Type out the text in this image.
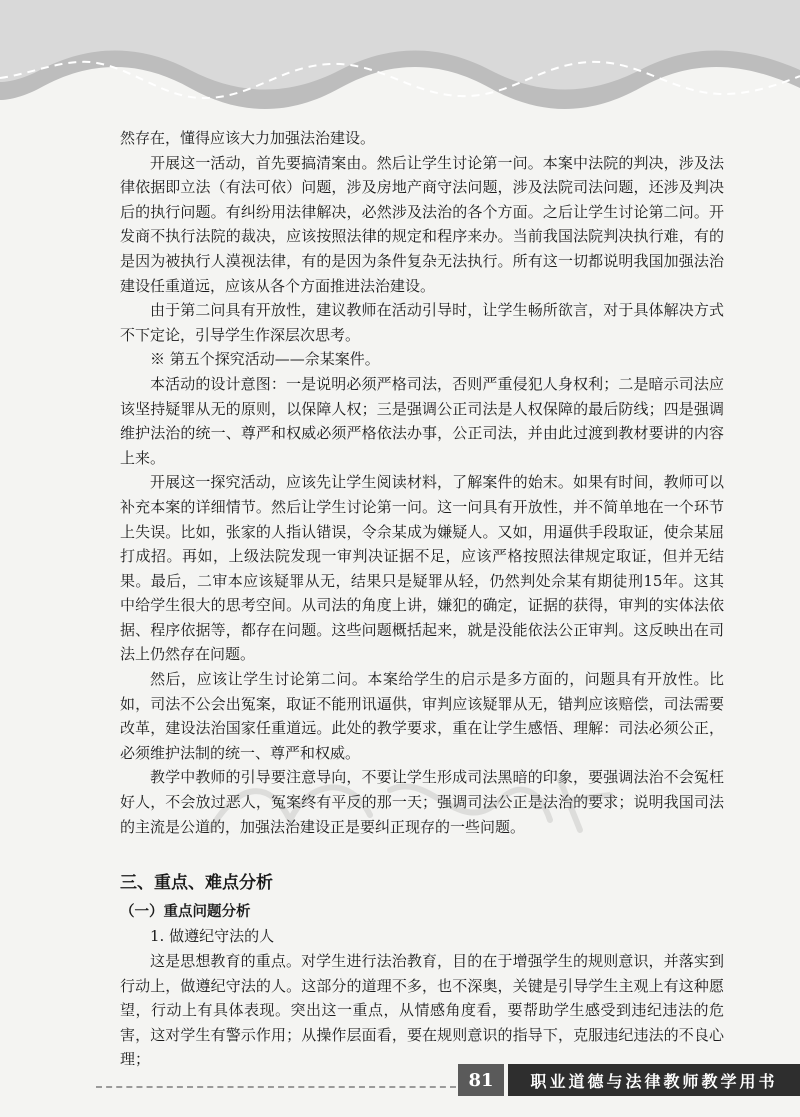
然存在，懂得应该大力加强法治建设。

开展这一活动，首先要搞清案由。然后让学生讨论第一问。本案中法院的判决，涉及法律依据即立法（有法可依）问题，涉及房地产商守法问题，涉及法院司法问题，还涉及判决后的执行问题。有纠纷用法律解决，必然涉及法治的各个方面。之后让学生讨论第二问。开发商不执行法院的裁决，应该按照法律的规定和程序来办。当前我国法院判决执行难，有的是因为被执行人漠视法律，有的是因为条件复杂无法执行。所有这一切都说明我国加强法治建设任重道远，应该从各个方面推进法治建设。

由于第二问具有开放性，建议教师在活动引导时，让学生畅所欲言，对于具体解决方式不下定论，引导学生作深层次思考。

※ 第五个探究活动——佘某案件。

本活动的设计意图：一是说明必须严格司法，否则严重侵犯人身权利；二是暗示司法应该坚持疑罪从无的原则，以保障人权；三是强调公正司法是人权保障的最后防线；四是强调维护法治的统一、尊严和权威必须严格依法办事，公正司法，并由此过渡到教材要讲的内容上来。

开展这一探究活动，应该先让学生阅读材料，了解案件的始末。如果有时间，教师可以补充本案的详细情节。然后让学生讨论第一问。这一问具有开放性，并不简单地在一个环节上失误。比如，张家的人指认错误，令佘某成为嫌疑人。又如，用逼供手段取证，使佘某屈打成招。再如，上级法院发现一审判决证据不足，应该严格按照法律规定取证，但并无结果。最后，二审本应该疑罪从无，结果只是疑罪从轻，仍然判处佘某有期徒刑15年。这其中给学生很大的思考空间。从司法的角度上讲，嫌犯的确定，证据的获得，审判的实体法依据、程序依据等，都存在问题。这些问题概括起来，就是没能依法公正审判。这反映出在司法上仍然存在问题。

然后，应该让学生讨论第二问。本案给学生的启示是多方面的，问题具有开放性。比如，司法不公会出冤案，取证不能刑讯逼供，审判应该疑罪从无，错判应该赔偿，司法需要改革，建设法治国家任重道远。此处的教学要求，重在让学生感悟、理解：司法必须公正，必须维护法制的统一、尊严和权威。

教学中教师的引导要注意导向，不要让学生形成司法黑暗的印象，要强调法治不会冤枉好人，不会放过恶人，冤案终有平反的那一天；强调司法公正是法治的要求；说明我国司法的主流是公道的，加强法治建设正是要纠正现存的一些问题。

三、重点、难点分析

（一）重点问题分析

1. 做遵纪守法的人

这是思想教育的重点。对学生进行法治教育，目的在于增强学生的规则意识，并落实到行动上，做遵纪守法的人。这部分的道理不多，也不深奥，关键是引导学生主观上有这种愿望，行动上有具体表现。突出这一重点，从情感角度看，要帮助学生感受到违纪违法的危害，这对学生有警示作用；从操作层面看，要在规则意识的指导下，克服违纪违法的不良心理；

81	职业道德与法律教师教学用书
